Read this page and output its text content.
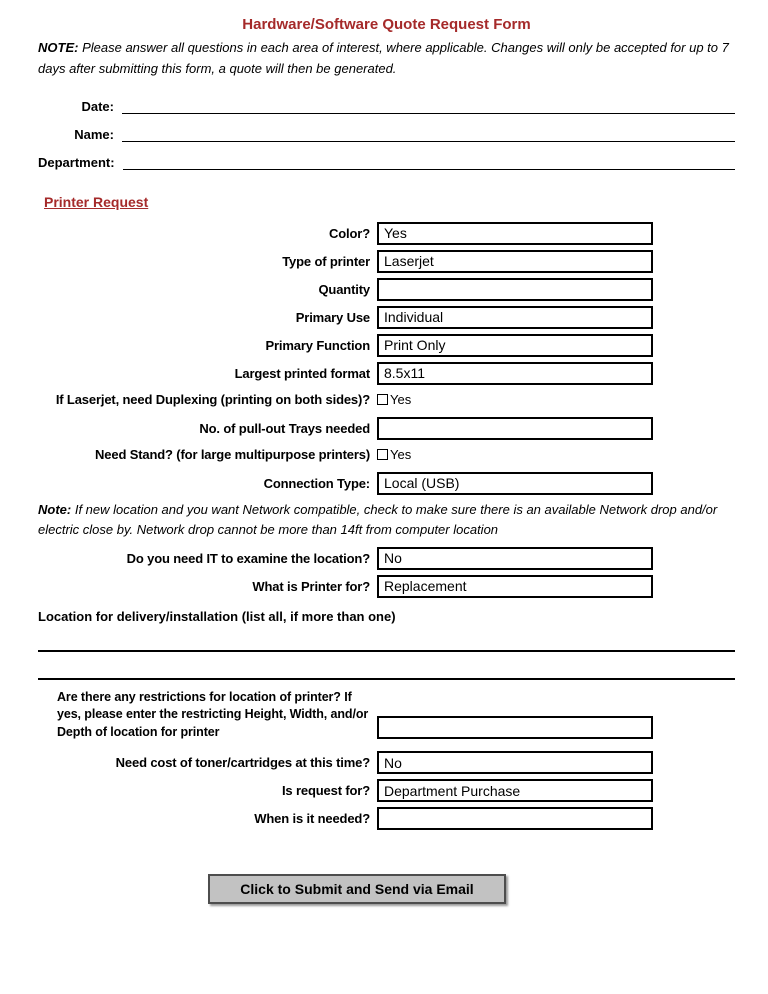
Hardware/Software Quote Request Form

NOTE: Please answer all questions in each area of interest, where applicable. Changes will only be accepted for up to 7 days after submitting this form, a quote will then be generated.

Date:
Name:
Department:
Printer Request
Color?
Yes
Type of printer
Laserjet
Quantity
Primary Use
Individual
Primary Function
Print Only
Largest printed format
8.5x11
If Laserjet, need Duplexing (printing on both sides)?	Yes
No. of pull-out Trays needed
Need Stand? (for large multipurpose printers)	Yes
Connection Type:
Local (USB)

Note: If new location and you want Network compatible, check to make sure there is an available Network drop and/or electric close by. Network drop cannot be more than 14ft from computer location

Do you need IT to examine the location?
No
What is Printer for?
Replacement

Location for delivery/installation (list all, if more than one)

Are there any restrictions for location of printer? If yes, please enter the restricting Height, Width, and/or Depth of location for printer
Need cost of toner/cartridges at this time?
No
Is request for?
Department Purchase
When is it needed?
Click to Submit and Send via Email
